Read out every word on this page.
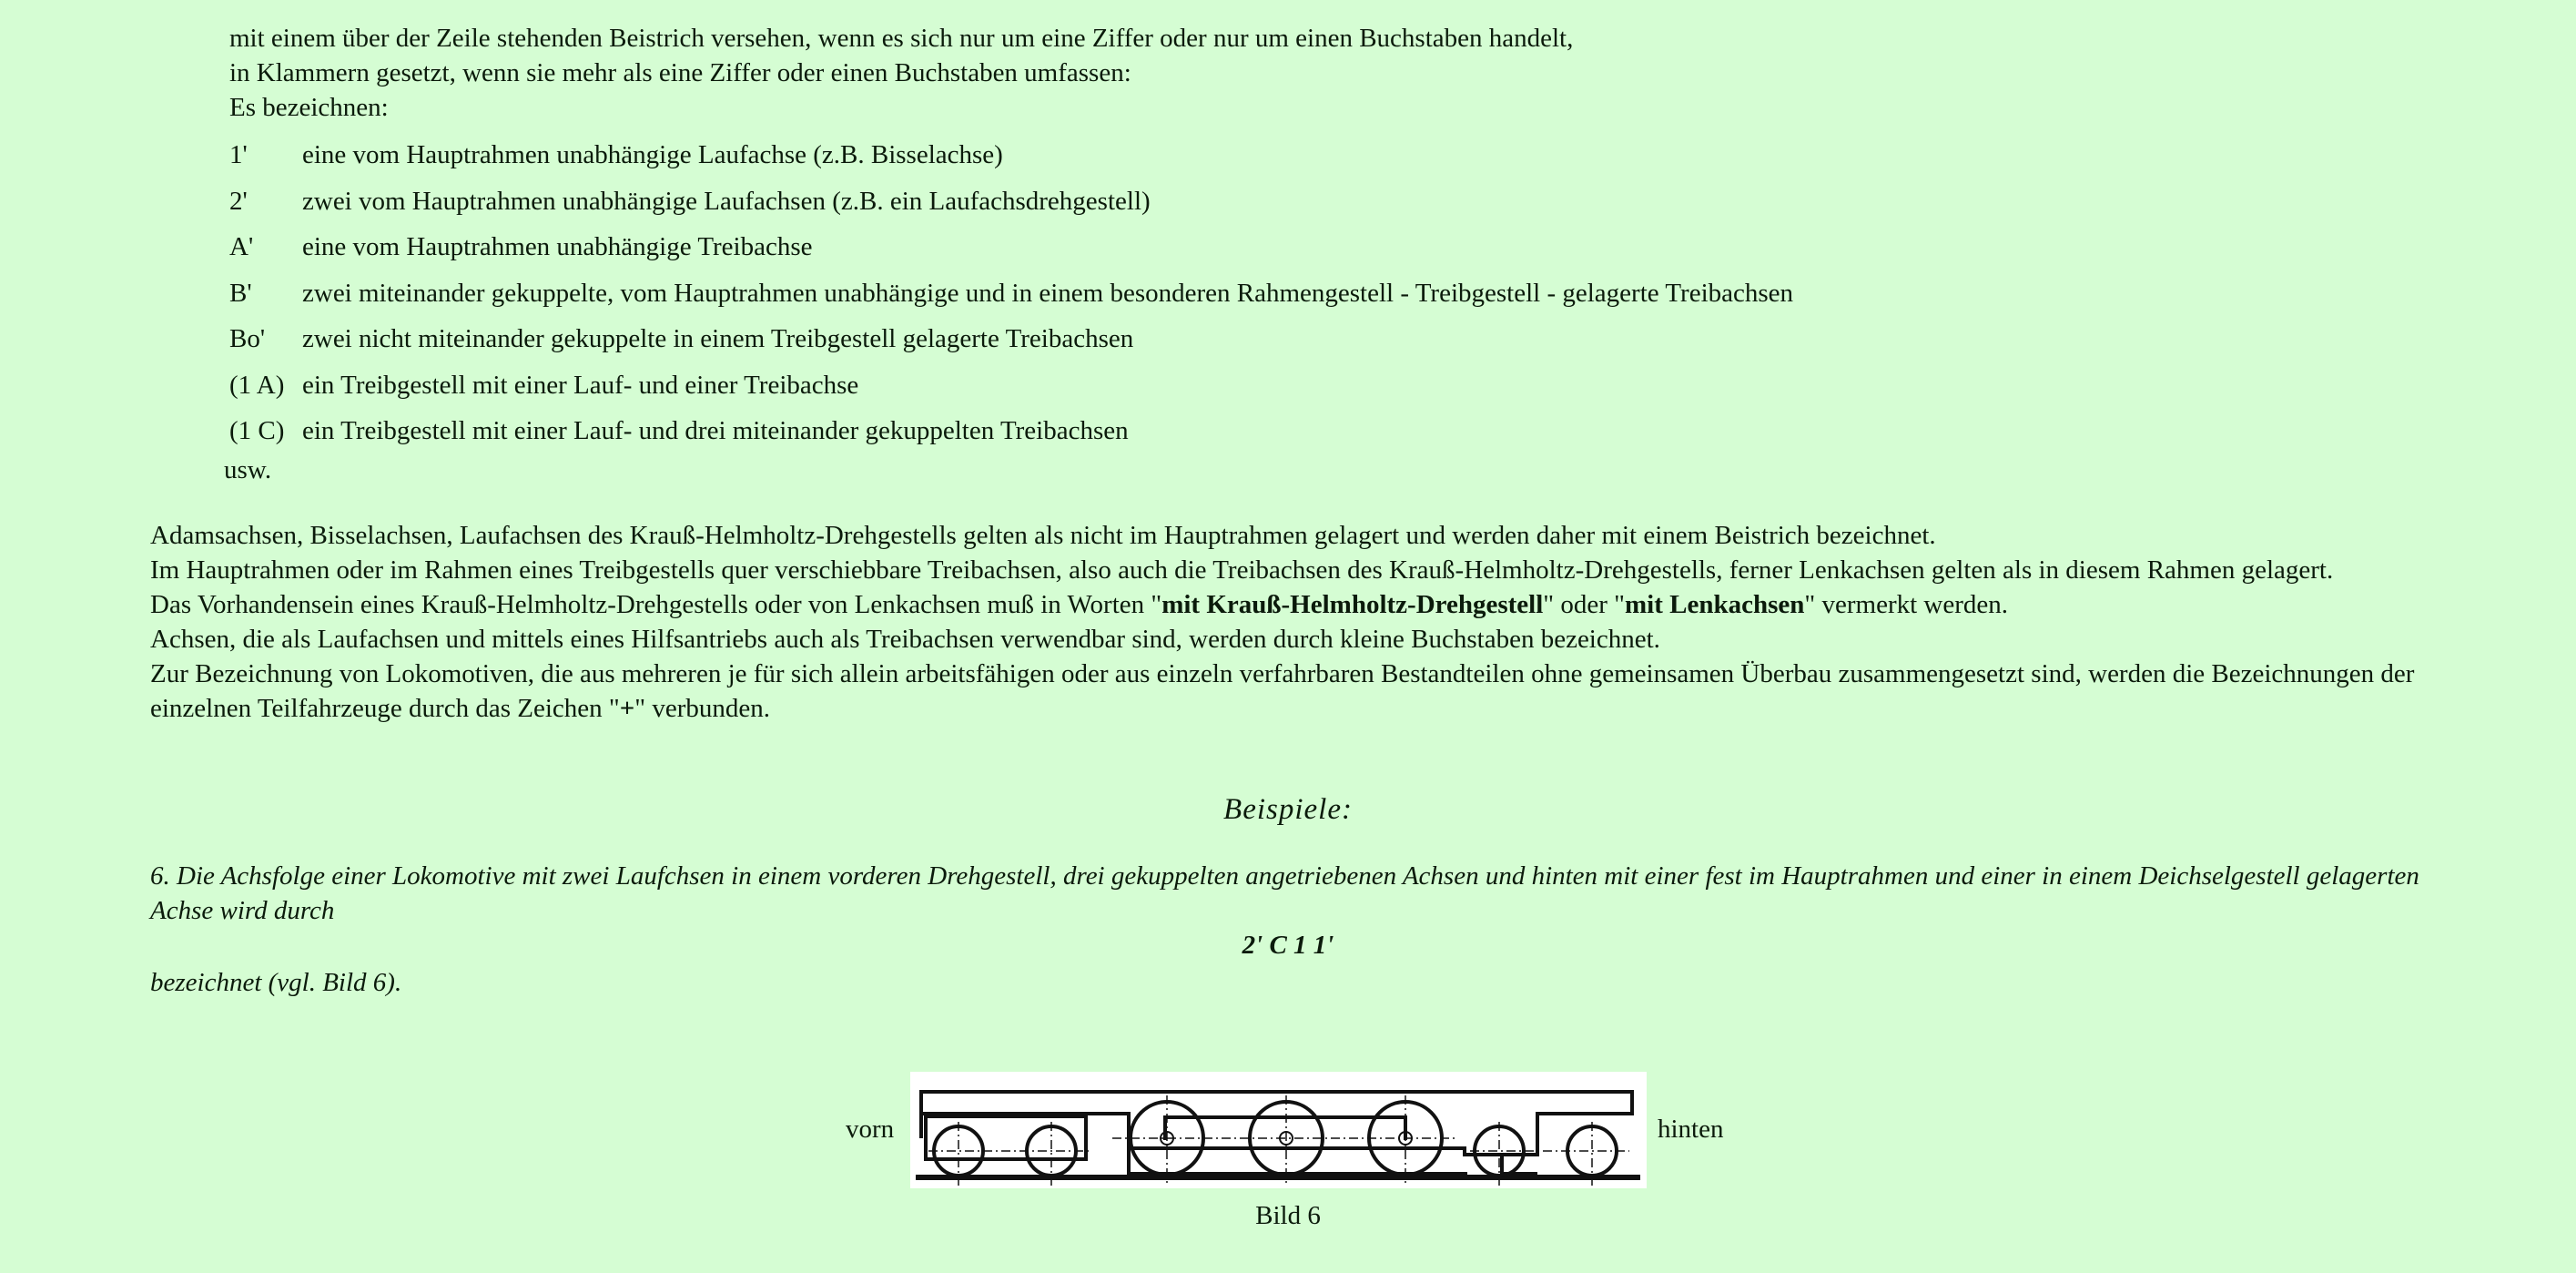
mit einem über der Zeile stehenden Beistrich versehen, wenn es sich nur um eine Ziffer oder nur um einen Buchstaben handelt,

in Klammern gesetzt, wenn sie mehr als eine Ziffer oder einen Buchstaben umfassen:

Es bezeichnen:

1'	eine vom Hauptrahmen unabhängige Laufachse (z.B. Bisselachse)
2'	zwei vom Hauptrahmen unabhängige Laufachsen (z.B. ein Laufachsdrehgestell)
A'	eine vom Hauptrahmen unabhängige Treibachse
B'	zwei miteinander gekuppelte, vom Hauptrahmen unabhängige und in einem besonderen Rahmengestell - Treibgestell - gelagerte Treibachsen
Bo'	zwei nicht miteinander gekuppelte in einem Treibgestell gelagerte Treibachsen
(1 A) ein Treibgestell mit einer Lauf- und einer Treibachse
(1 C) ein Treibgestell mit einer Lauf- und drei miteinander gekuppelten Treibachsen

usw.

Adamsachsen, Bisselachsen, Laufachsen des Krauß-Helmholtz-Drehgestells gelten als nicht im Hauptrahmen gelagert und werden daher mit einem Beistrich bezeichnet.

Im Hauptrahmen oder im Rahmen eines Treibgestells quer verschiebbare Treibachsen, also auch die Treibachsen des Krauß-Helmholtz-Drehgestells, ferner Lenkachsen gelten als in diesem Rahmen gelagert.

Das Vorhandensein eines Krauß-Helmholtz-Drehgestells oder von Lenkachsen muß in Worten "mit Krauß-Helmholtz-Drehgestell" oder "mit Lenkachsen" vermerkt werden.

Achsen, die als Laufachsen und mittels eines Hilfsantriebs auch als Treibachsen verwendbar sind, werden durch kleine Buchstaben bezeichnet.

Zur Bezeichnung von Lokomotiven, die aus mehreren je für sich allein arbeitsfähigen oder aus einzeln verfahrbaren Bestandteilen ohne gemeinsamen Überbau zusammengesetzt sind, werden die Bezeichnungen der einzelnen Teilfahrzeuge durch das Zeichen "+" verbunden.

Beispiele:

6. Die Achsfolge einer Lokomotive mit zwei Laufchsen in einem vorderen Drehgestell, drei gekuppelten angetriebenen Achsen und hinten mit einer fest im Hauptrahmen und einer in einem Deichselgestell gelagerten Achse wird durch

2' C 1 1'

bezeichnet (vgl. Bild 6).

vorn	hinten

Bild 6
